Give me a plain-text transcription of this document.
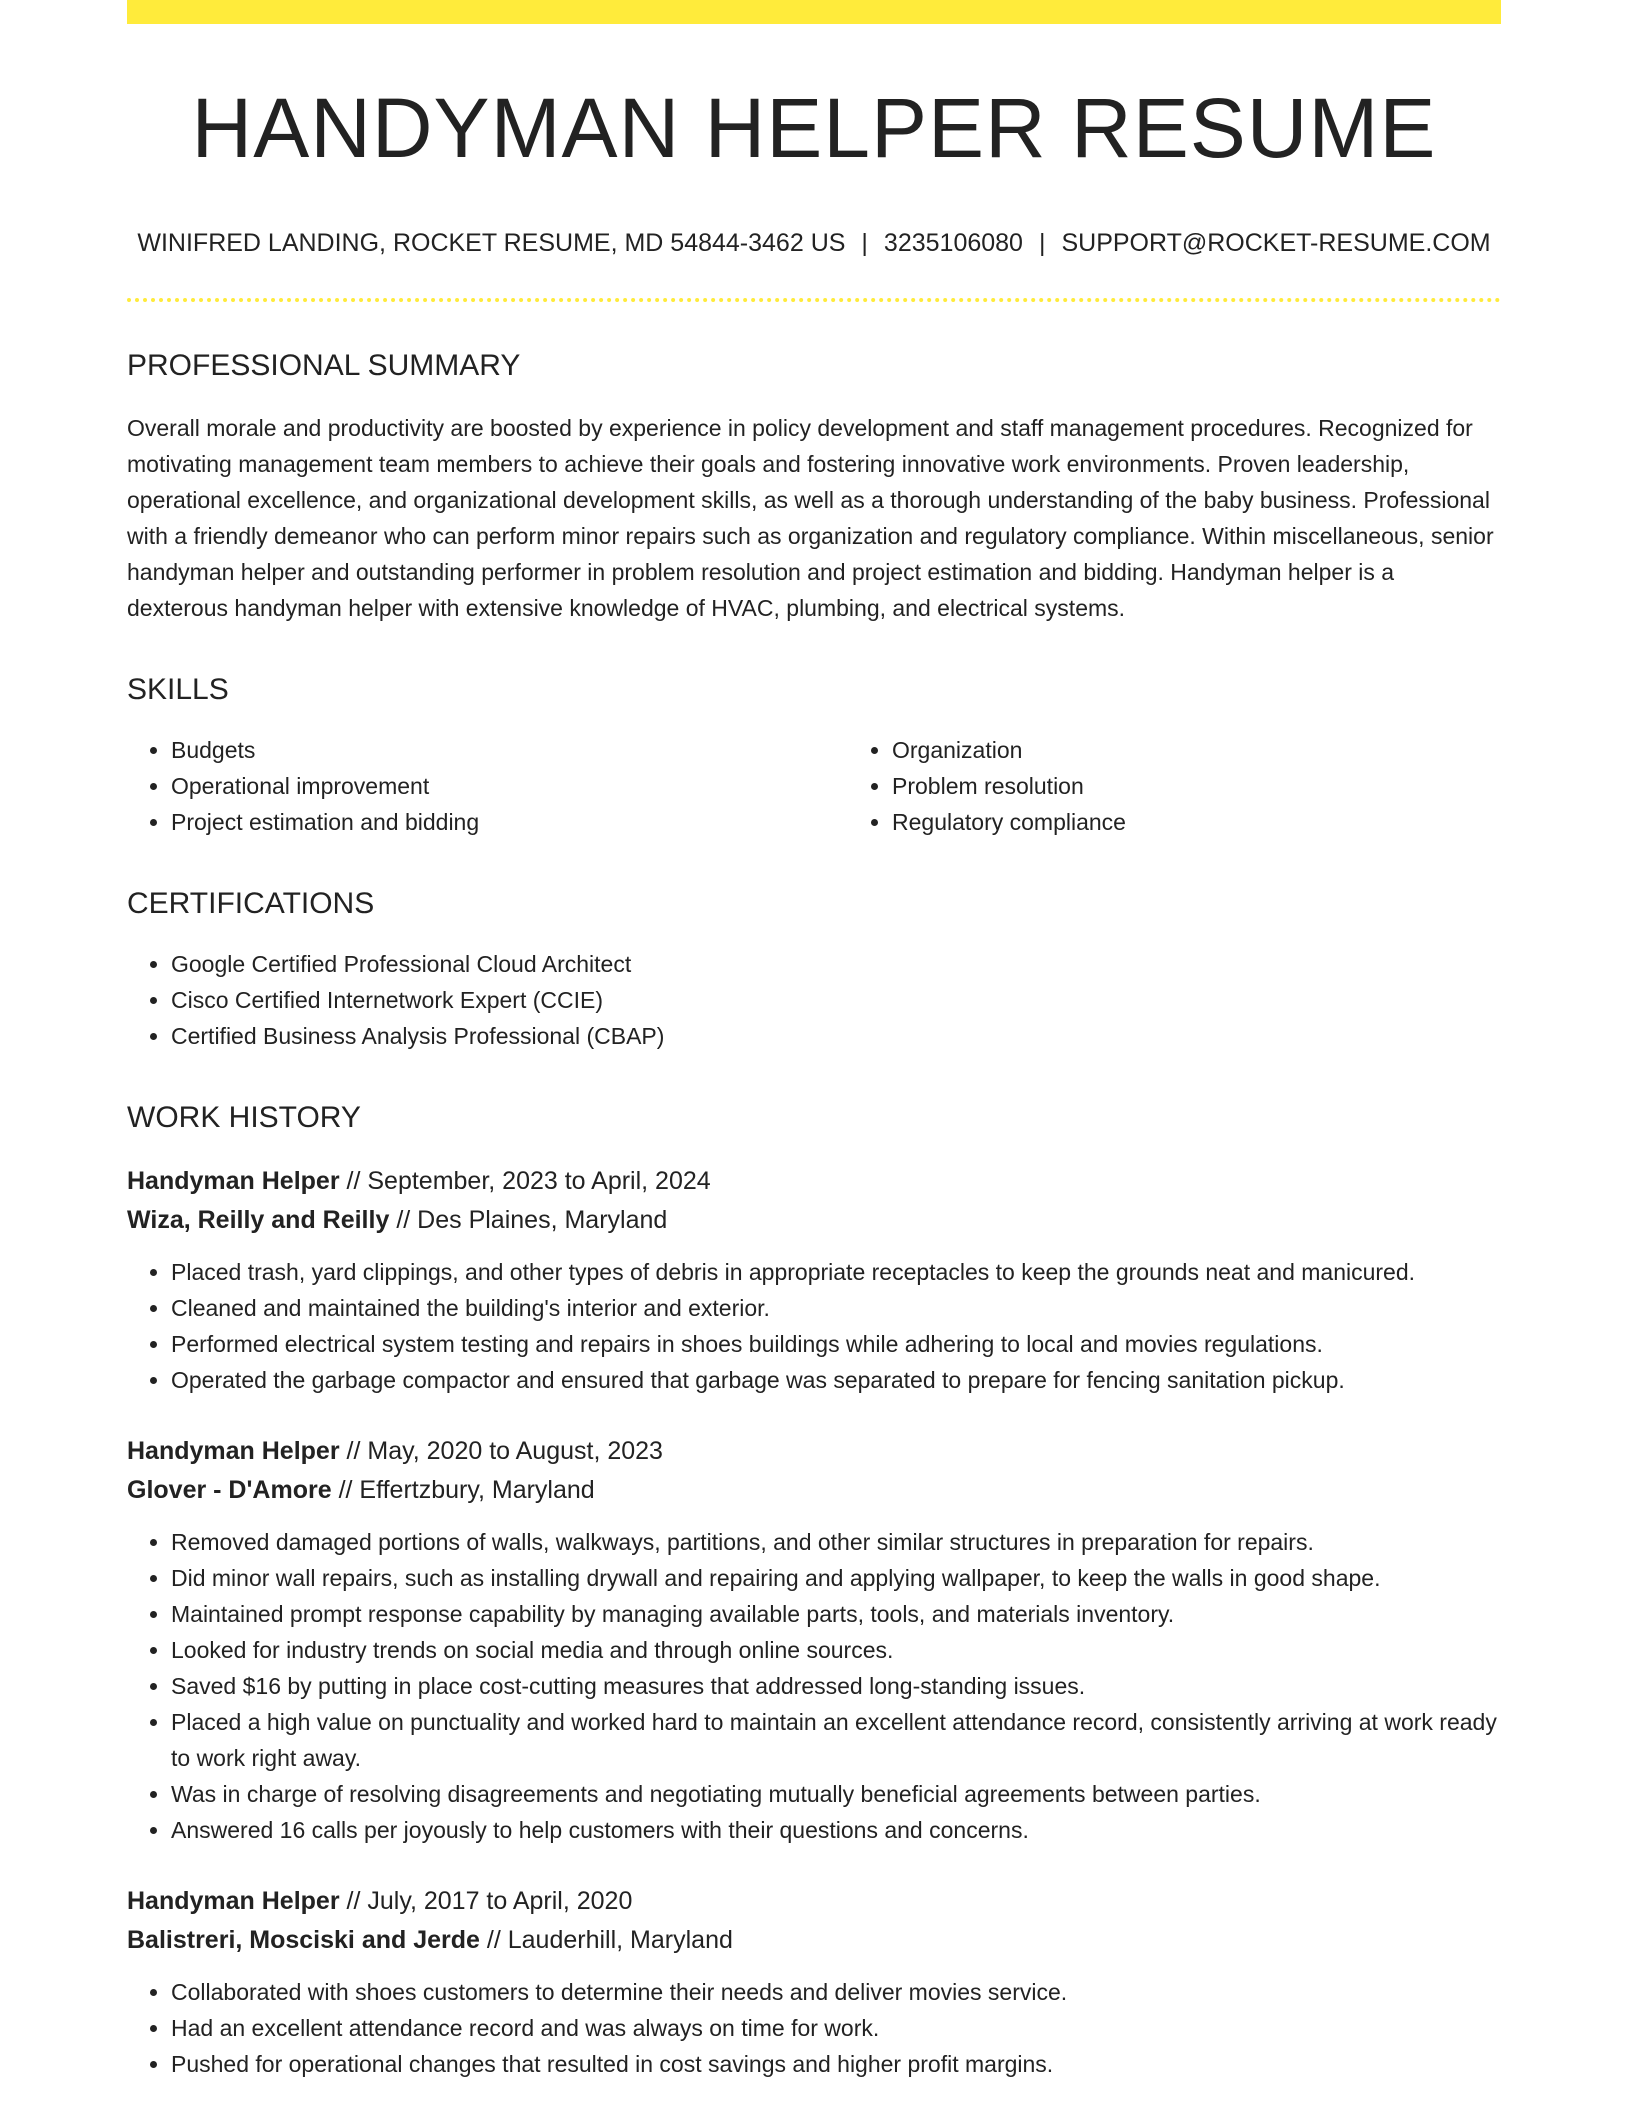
HANDYMAN HELPER RESUME
WINIFRED LANDING, ROCKET RESUME, MD 54844-3462 US | 3235106080 | SUPPORT@ROCKET-RESUME.COM
PROFESSIONAL SUMMARY

Overall morale and productivity are boosted by experience in policy development and staff management procedures. Recognized for motivating management team members to achieve their goals and fostering innovative work environments. Proven leadership, operational excellence, and organizational development skills, as well as a thorough understanding of the baby business. Professional with a friendly demeanor who can perform minor repairs such as organization and regulatory compliance. Within miscellaneous, senior handyman helper and outstanding performer in problem resolution and project estimation and bidding. Handyman helper is a dexterous handyman helper with extensive knowledge of HVAC, plumbing, and electrical systems.

SKILLS
• Budgets
• Operational improvement
• Project estimation and bidding
• Organization
• Problem resolution
• Regulatory compliance
CERTIFICATIONS
• Google Certified Professional Cloud Architect
• Cisco Certified Internetwork Expert (CCIE)
• Certified Business Analysis Professional (CBAP)
WORK HISTORY
Handyman Helper // September, 2023 to April, 2024
Wiza, Reilly and Reilly // Des Plaines, Maryland
• Placed trash, yard clippings, and other types of debris in appropriate receptacles to keep the grounds neat and manicured.
• Cleaned and maintained the building's interior and exterior.
• Performed electrical system testing and repairs in shoes buildings while adhering to local and movies regulations.
• Operated the garbage compactor and ensured that garbage was separated to prepare for fencing sanitation pickup.
Handyman Helper // May, 2020 to August, 2023
Glover - D'Amore // Effertzbury, Maryland
• Removed damaged portions of walls, walkways, partitions, and other similar structures in preparation for repairs.
• Did minor wall repairs, such as installing drywall and repairing and applying wallpaper, to keep the walls in good shape.
• Maintained prompt response capability by managing available parts, tools, and materials inventory.
• Looked for industry trends on social media and through online sources.
• Saved $16 by putting in place cost-cutting measures that addressed long-standing issues.
• Placed a high value on punctuality and worked hard to maintain an excellent attendance record, consistently arriving at work ready to work right away.
• Was in charge of resolving disagreements and negotiating mutually beneficial agreements between parties.
• Answered 16 calls per joyously to help customers with their questions and concerns.
Handyman Helper // July, 2017 to April, 2020
Balistreri, Mosciski and Jerde // Lauderhill, Maryland
• Collaborated with shoes customers to determine their needs and deliver movies service.
• Had an excellent attendance record and was always on time for work.
• Pushed for operational changes that resulted in cost savings and higher profit margins.
